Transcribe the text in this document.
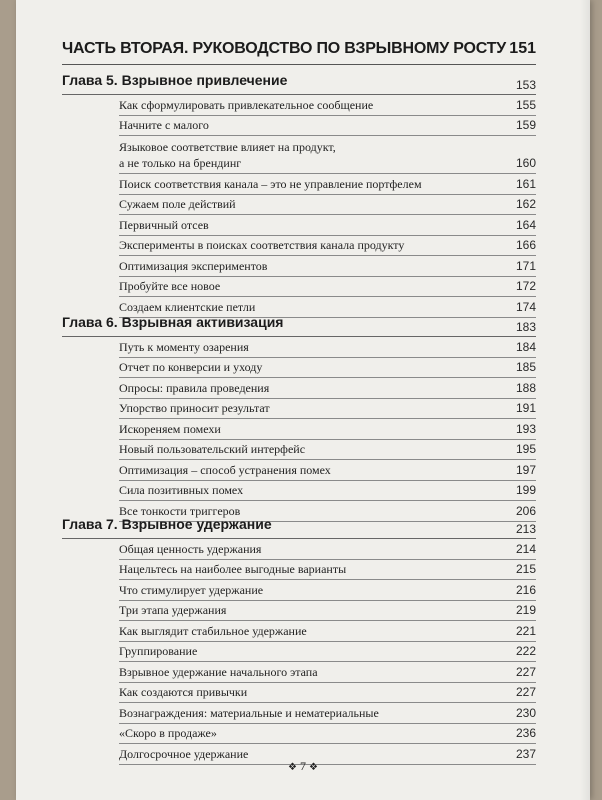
ЧАСТЬ ВТОРАЯ. РУКОВОДСТВО ПО ВЗРЫВНОМУ РОСТУ 151
Глава 5. Взрывное привлечение	153
Как сформулировать привлекательное сообщение	155
Начните с малого	159
Языковое соответствие влияет на продукт,
а не только на брендинг	160
Поиск соответствия канала – это не управление портфелем	161
Сужаем поле действий	162
Первичный отсев	164
Эксперименты в поисках соответствия канала продукту	166
Оптимизация экспериментов	171
Пробуйте все новое	172
Создаем клиентские петли	174
Глава 6. Взрывная активизация	183
Путь к моменту озарения	184
Отчет по конверсии и уходу	185
Опросы: правила проведения	188
Упорство приносит результат	191
Искореняем помехи	193
Новый пользовательский интерфейс	195
Оптимизация – способ устранения помех	197
Сила позитивных помех	199
Все тонкости триггеров	206
Глава 7. Взрывное удержание	213
Общая ценность удержания	214
Нацельтесь на наиболее выгодные варианты	215
Что стимулирует удержание	216
Три этапа удержания	219
Как выглядит стабильное удержание	221
Группирование	222
Взрывное удержание начального этапа	227
Как создаются привычки	227
Вознаграждения: материальные и нематериальные	230
«Скоро в продаже»	236
Долгосрочное удержание	237
❖ 7 ❖
